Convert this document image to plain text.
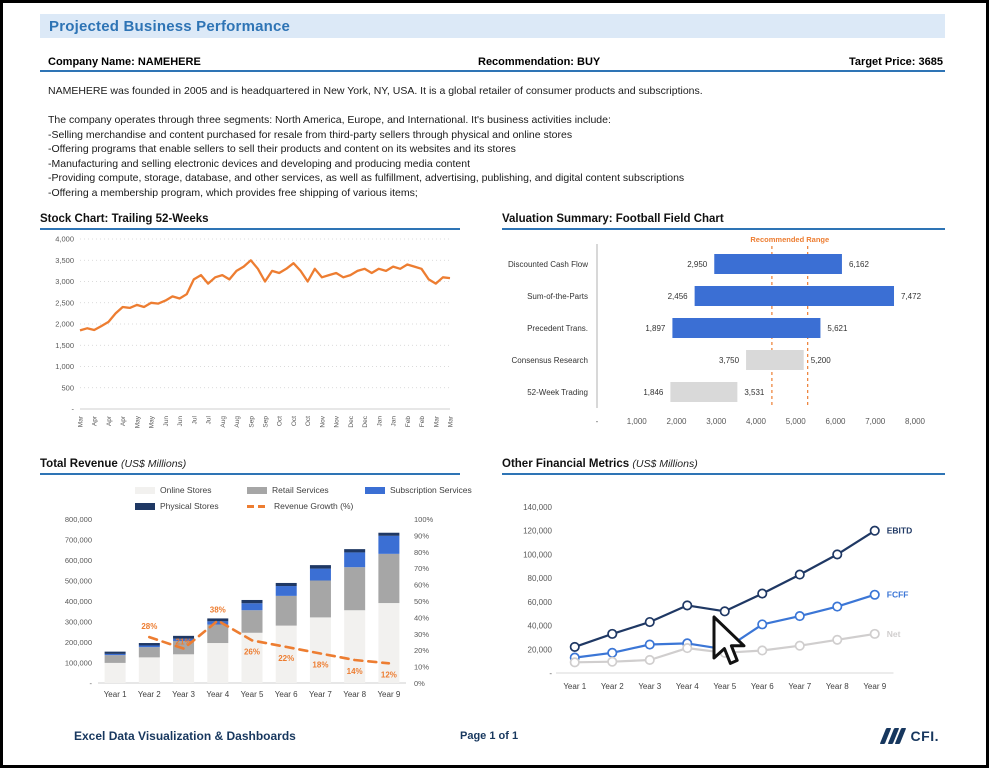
Projected Business Performance
Company Name: NAMEHERE	Recommendation: BUY	Target Price: 3685
NAMEHERE was founded in 2005 and is headquartered in New York, NY, USA. It is a global retailer of consumer products and subscriptions.
The company operates through three segments: North America, Europe, and International. It's business activities include:
-Selling merchandise and content purchased for resale from third-party sellers through physical and online stores
-Offering programs that enable sellers to sell their products and content on its websites and its stores
-Manufacturing and selling electronic devices and developing and producing media content
-Providing compute, storage, database, and other services, as well as fulfillment, advertising, publishing, and digital content subscriptions
-Offering a membership program, which provides free shipping of various items;
Stock Chart: Trailing 52-Weeks
-
500
1,000
1,500
2,000
2,500
3,000
3,500
4,000
Mar Apr Apr Apr May May Jun Jun Jul Jul Aug Aug Sep Sep Oct Oct Oct Nov Nov Dec Dec Jan Jan Feb Feb Mar Mar
Valuation Summary: Football Field Chart
Recommended Range
Discounted Cash Flow	2,950	6,162
Sum-of-the-Parts	2,456	7,472
Precedent Trans.	1,897	5,621
Consensus Research	3,750	5,200
52-Week Trading	1,846	3,531
-	1,000 2,000 3,000 4,000 5,000 6,000 7,000 8,000
Total Revenue (US$ Millions)
Online Stores	Retail Services	Subscription Services
Physical Stores	Revenue Growth (%)
-
100,000
200,000
300,000
400,000
500,000
600,000
700,000
800,000
0%
10%
20%
30%
40%
50%
60%
70%
80%
90%
100%
Year 1 Year 2 Year 3 Year 4 Year 5 Year 6 Year 7 Year 8 Year 9
28%
21%
38%
26%
22%
18%
14% 12%
Other Financial Metrics (US$ Millions)
-
20,000
40,000
60,000
80,000
100,000
120,000
140,000
Year 1 Year 2 Year 3 Year 4 Year 5 Year 6 Year 7 Year 8 Year 9
EBITD
FCFF
Net
Excel Data Visualization & Dashboards	Page 1 of 1	CFI.
